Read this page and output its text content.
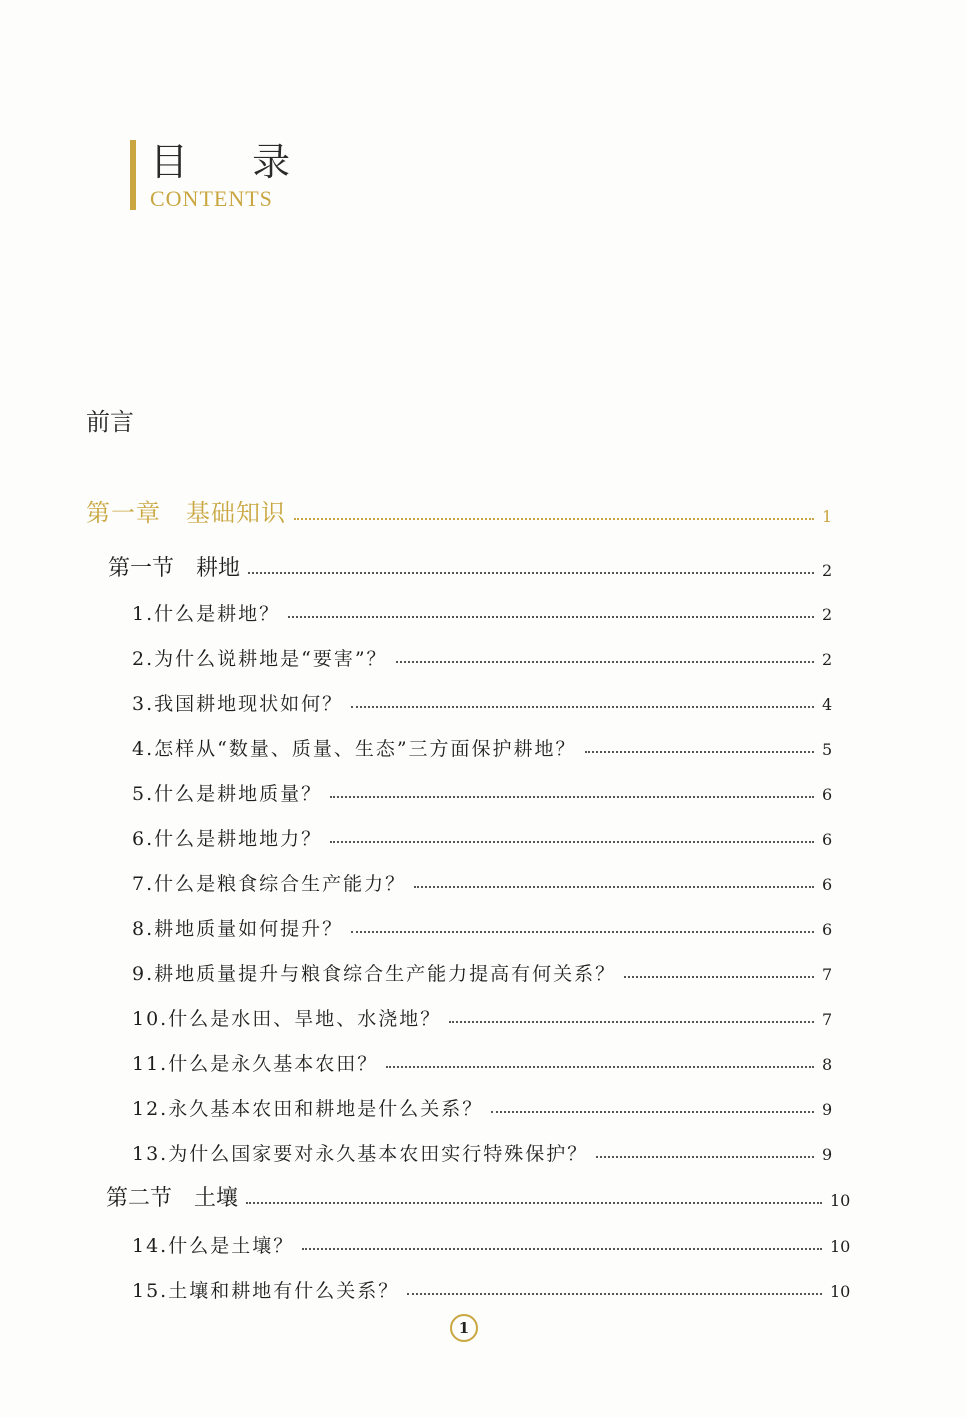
目 录
CONTENTS
前言
第一章　基础知识	1
第一节　耕地	2
1.什么是耕地？	2
2.为什么说耕地是“要害”？	2
3.我国耕地现状如何？	4
4.怎样从“数量、质量、生态”三方面保护耕地？	5
5.什么是耕地质量？	6
6.什么是耕地地力？	6
7.什么是粮食综合生产能力？	6
8.耕地质量如何提升？	6
9.耕地质量提升与粮食综合生产能力提高有何关系？	7
10.什么是水田、旱地、水浇地？	7
11.什么是永久基本农田？	8
12.永久基本农田和耕地是什么关系？	9
13.为什么国家要对永久基本农田实行特殊保护？	9
第二节　土壤	10
14.什么是土壤？	10
15.土壤和耕地有什么关系？	10
1
